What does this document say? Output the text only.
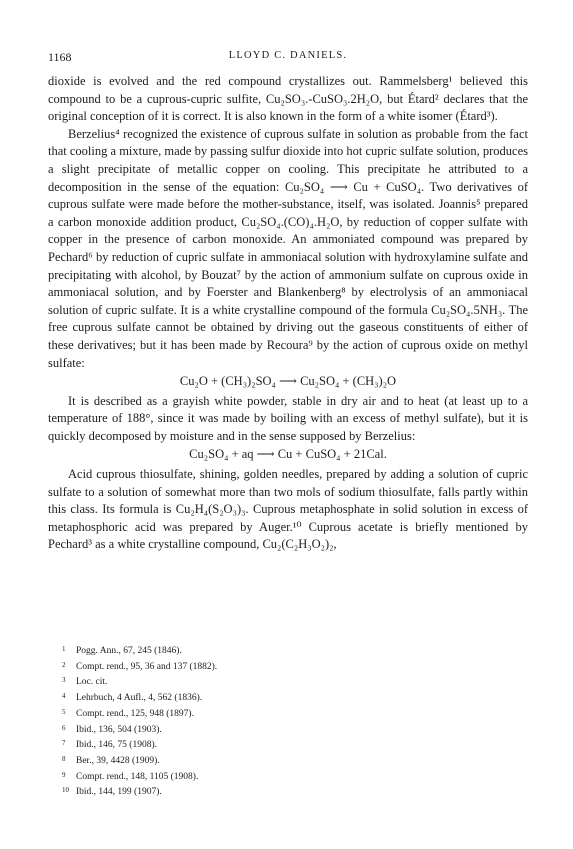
1168	LLOYD C. DANIELS.

dioxide is evolved and the red compound crystallizes out. Rammelsberg¹ believed this compound to be a cuprous-cupric sulfite, Cu₂SO₃.-CuSO₃.2H₂O, but Étard² declares that the original conception of it is correct. It is also known in the form of a white isomer (Étard³).

Berzelius⁴ recognized the existence of cuprous sulfate in solution as probable from the fact that cooling a mixture, made by passing sulfur dioxide into hot cupric sulfate solution, produces a slight precipitate of metallic copper on cooling. This precipitate he attributed to a decomposition in the sense of the equation: Cu₂SO₄ ⟶ Cu + CuSO₄. Two derivatives of cuprous sulfate were made before the mother-substance, itself, was isolated. Joannis⁵ prepared a carbon monoxide addition product, Cu₂SO₄.(CO)₄.H₂O, by reduction of copper sulfate with copper in the presence of carbon monoxide. An ammoniated compound was prepared by Pechard⁶ by reduction of cupric sulfate in ammoniacal solution with hydroxylamine sulfate and precipitating with alcohol, by Bouzat⁷ by the action of ammonium sulfate on cuprous oxide in ammoniacal solution, and by Foerster and Blankenberg⁸ by electrolysis of an ammoniacal solution of cupric sulfate. It is a white crystalline compound of the formula Cu₂SO₄.5NH₃. The free cuprous sulfate cannot be obtained by driving out the gaseous constituents of either of these derivatives; but it has been made by Recoura⁹ by the action of cuprous oxide on methyl sulfate:

Cu₂O + (CH₃)₂SO₄ ⟶ Cu₂SO₄ + (CH₃)₂O

It is described as a grayish white powder, stable in dry air and to heat (at least up to a temperature of 188°, since it was made by boiling with an excess of methyl sulfate), but it is quickly decomposed by moisture and in the sense supposed by Berzelius:

Cu₂SO₄ + aq ⟶ Cu + CuSO₄ + 21Cal.

Acid cuprous thiosulfate, shining, golden needles, prepared by adding a solution of cupric sulfate to a solution of somewhat more than two mols of sodium thiosulfate, falls partly within this class. Its formula is Cu₂H₄(S₂O₃)₃. Cuprous metaphosphate in solid solution in excess of metaphosphoric acid was prepared by Auger.¹⁰ Cuprous acetate is briefly mentioned by Pechard³ as a white crystalline compound, Cu₂(C₂H₃O₂)₂,

1 Pogg. Ann., 67, 245 (1846).
2 Compt. rend., 95, 36 and 137 (1882).
3 Loc. cit.
4 Lehrbuch, 4 Aufl., 4, 562 (1836).
5 Compt. rend., 125, 948 (1897).
6 Ibid., 136, 504 (1903).
7 Ibid., 146, 75 (1908).
8 Ber., 39, 4428 (1909).
9 Compt. rend., 148, 1105 (1908).
10 Ibid., 144, 199 (1907).
